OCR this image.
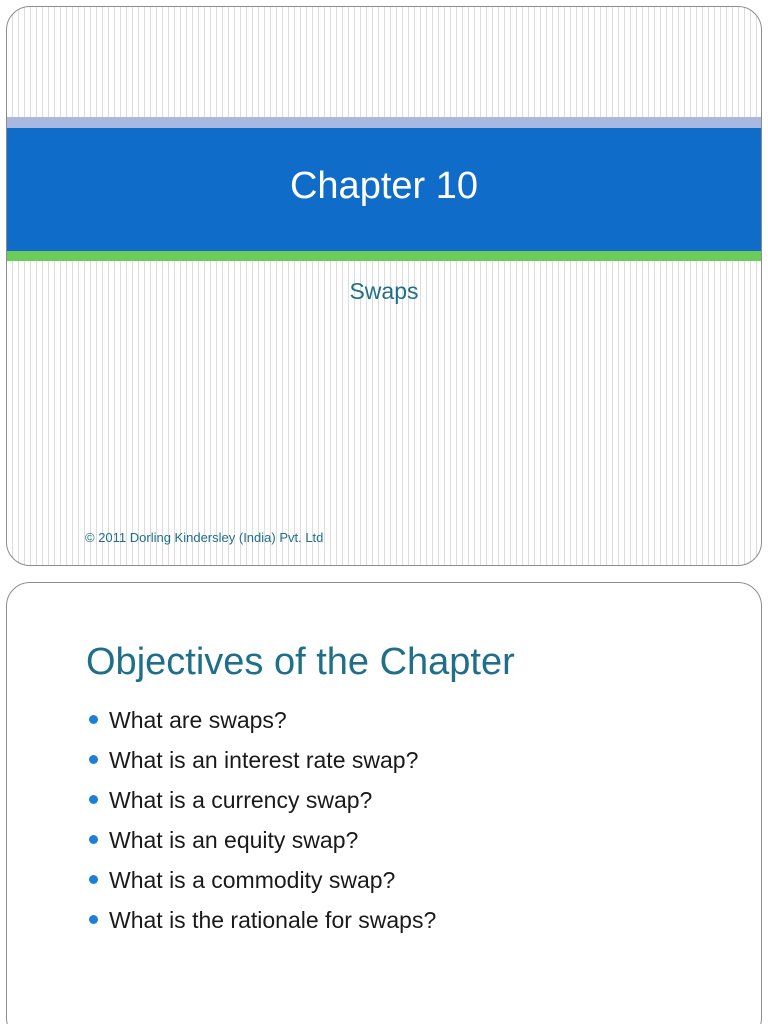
Chapter 10
Swaps
© 2011 Dorling Kindersley (India) Pvt. Ltd
Objectives of the Chapter
What are swaps?
What is an interest rate swap?
What is a currency swap?
What is an equity swap?
What is a commodity swap?
What is the rationale for swaps?
